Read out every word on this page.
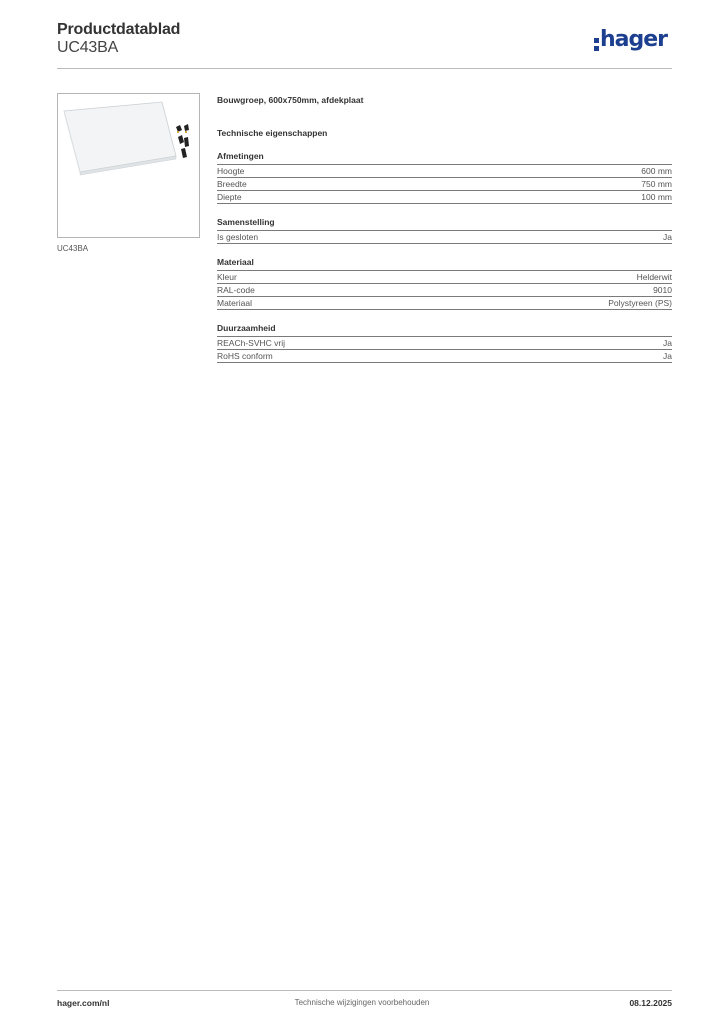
Productdatablad
UC43BA	hager
UC43BA
Bouwgroep, 600x750mm, afdekplaat
Technische eigenschappen
Afmetingen
Hoogte	600 mm
Breedte	750 mm
Diepte	100 mm
Samenstelling
Is gesloten	Ja
Materiaal
Kleur	Helderwit
RAL-code	9010
Materiaal	Polystyreen (PS)
Duurzaamheid
REACh-SVHC vrij	Ja
RoHS conform	Ja
hager.com/nl	Technische wijzigingen voorbehouden	08.12.2025
